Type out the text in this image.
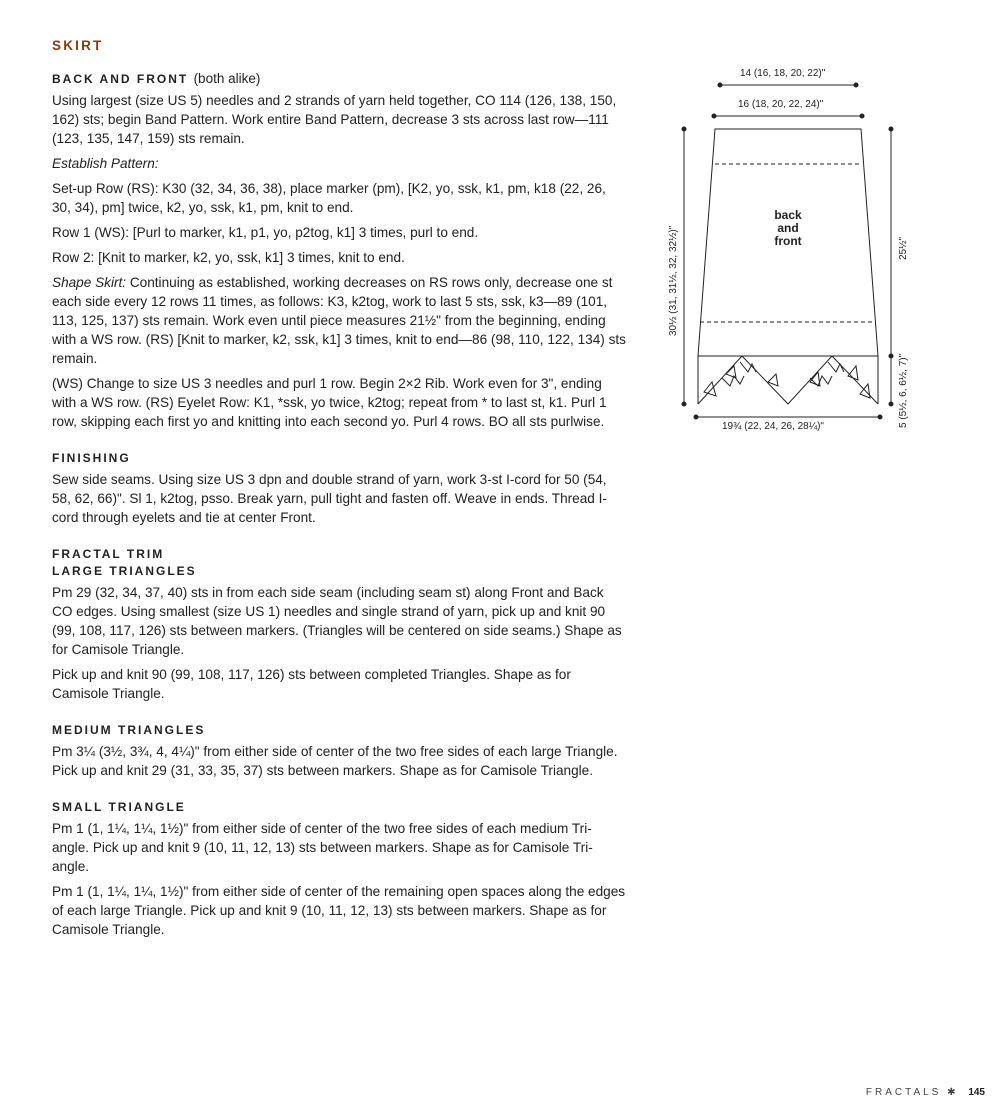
SKIRT
BACK AND FRONT (both alike)

Using largest (size US 5) needles and 2 strands of yarn held together, CO 114 (126, 138, 150, 162) sts; begin Band Pattern. Work entire Band Pattern, decrease 3 sts across last row—111 (123, 135, 147, 159) sts remain.

Establish Pattern:

Set-up Row (RS): K30 (32, 34, 36, 38), place marker (pm), [K2, yo, ssk, k1, pm, k18 (22, 26, 30, 34), pm] twice, k2, yo, ssk, k1, pm, knit to end.

Row 1 (WS): [Purl to marker, k1, p1, yo, p2tog, k1] 3 times, purl to end.

Row 2: [Knit to marker, k2, yo, ssk, k1] 3 times, knit to end.

Shape Skirt: Continuing as established, working decreases on RS rows only, decrease one st each side every 12 rows 11 times, as follows: K3, k2tog, work to last 5 sts, ssk, k3—89 (101, 113, 125, 137) sts remain. Work even until piece measures 21½" from the beginning, ending with a WS row. (RS) [Knit to marker, k2, ssk, k1] 3 times, knit to end—86 (98, 110, 122, 134) sts remain.

(WS) Change to size US 3 needles and purl 1 row. Begin 2×2 Rib. Work even for 3", ending with a WS row. (RS) Eyelet Row: K1, *ssk, yo twice, k2tog; repeat from * to last st, k1. Purl 1 row, skipping each first yo and knitting into each second yo. Purl 4 rows. BO all sts purlwise.

FINISHING

Sew side seams. Using size US 3 dpn and double strand of yarn, work 3-st I-cord for 50 (54, 58, 62, 66)". Sl 1, k2tog, psso. Break yarn, pull tight and fasten off. Weave in ends. Thread I-cord through eyelets and tie at center Front.

FRACTAL TRIM
LARGE TRIANGLES

Pm 29 (32, 34, 37, 40) sts in from each side seam (including seam st) along Front and Back CO edges. Using smallest (size US 1) needles and single strand of yarn, pick up and knit 90 (99, 108, 117, 126) sts between markers. (Triangles will be centered on side seams.) Shape as for Camisole Triangle.

Pick up and knit 90 (99, 108, 117, 126) sts between completed Triangles. Shape as for Camisole Triangle.

MEDIUM TRIANGLES

Pm 3¼ (3½, 3¾, 4, 4¼)" from either side of center of the two free sides of each large Triangle. Pick up and knit 29 (31, 33, 35, 37) sts between markers. Shape as for Camisole Triangle.

SMALL TRIANGLE

Pm 1 (1, 1¼, 1¼, 1½)" from either side of center of the two free sides of each medium Tri-angle. Pick up and knit 9 (10, 11, 12, 13) sts between markers. Shape as for Camisole Tri-angle.

Pm 1 (1, 1¼, 1¼, 1½)" from either side of center of the remaining open spaces along the edges of each large Triangle. Pick up and knit 9 (10, 11, 12, 13) sts between markers. Shape as for Camisole Triangle.

14 (16, 18, 20, 22)"
16 (18, 20, 22, 24)"
19¾ (22, 24, 26, 28¼)"
30½ (31, 31½, 32, 32½)"	25½"
5 (5½, 6, 6½, 7)"
back
and
front
FRACTALS ✱ 145
